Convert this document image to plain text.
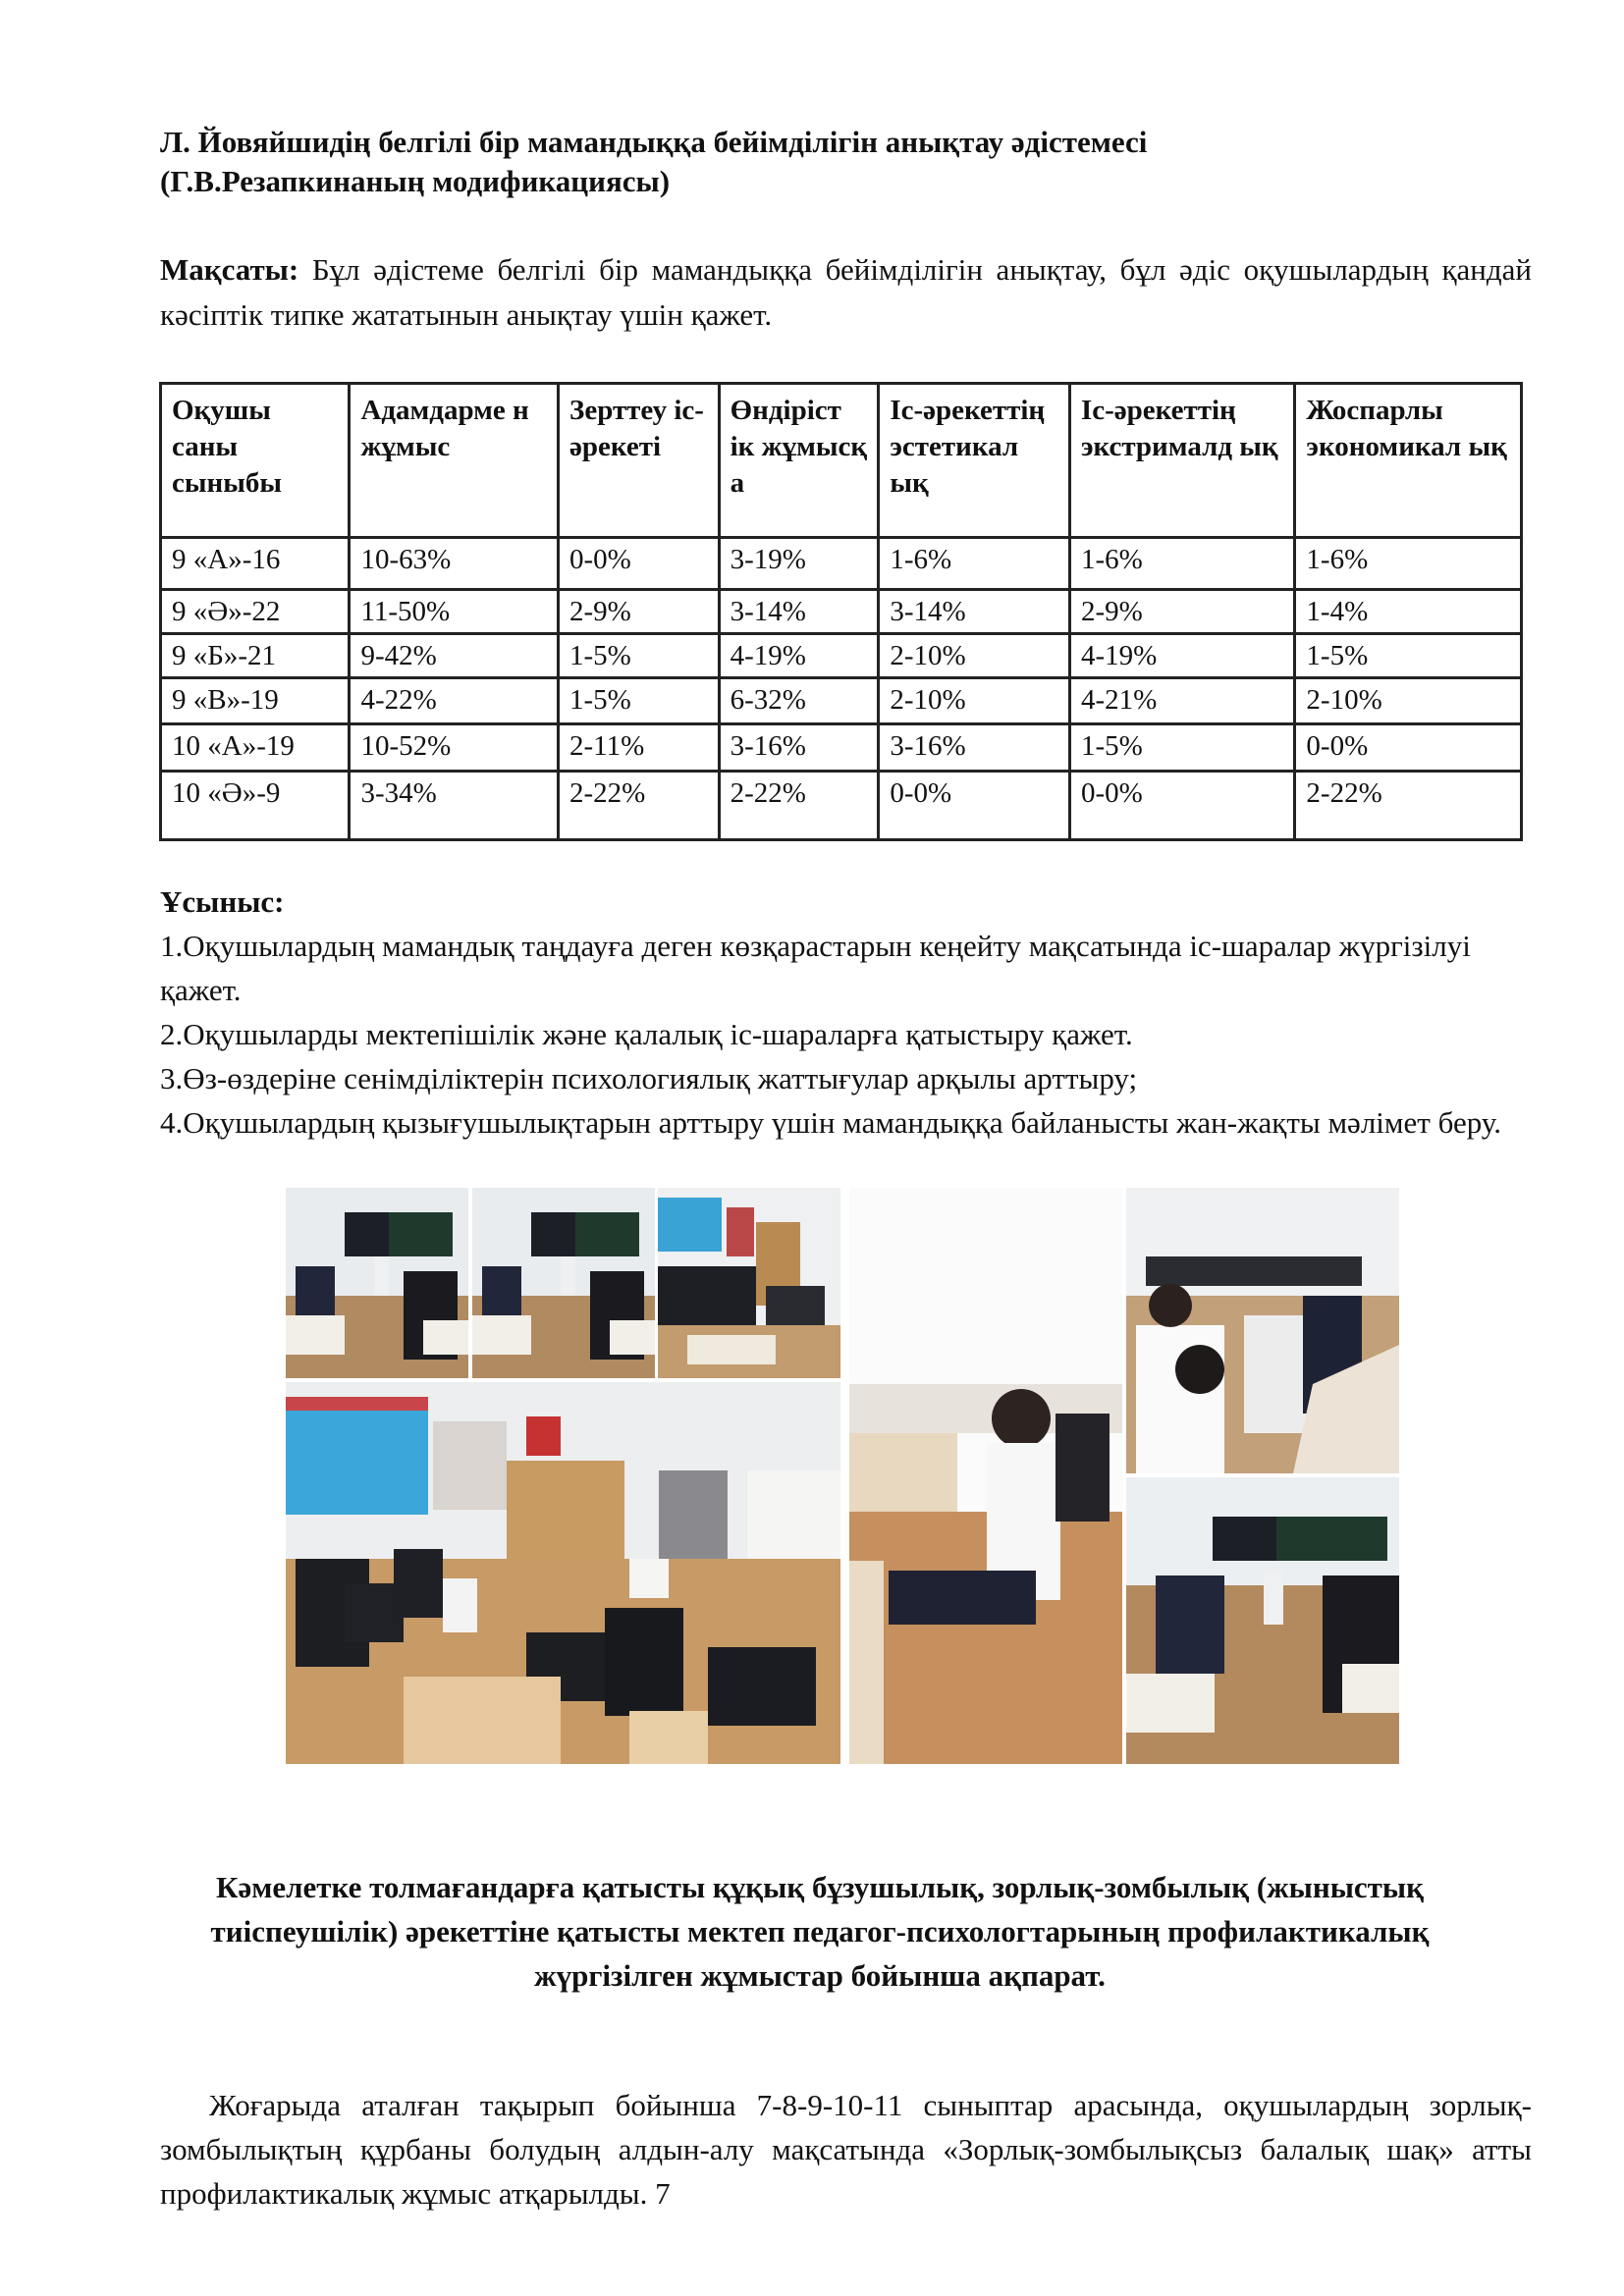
Л. Йовяйшидің белгілі бір мамандыққа бейімділігін анықтау әдістемесі
(Г.В.Резапкинаның модификациясы)
Мақсаты: Бұл әдістеме белгілі бір мамандыққа бейімділігін анықтау, бұл әдіс оқушылардың қандай кәсіптік типке жататынын анықтау үшін қажет.
Оқушы саны сыныбы	Адамдарме н жұмыс	Зерттеу іс-әрекеті	Өндіріст ік жұмысқ а	Іс-әрекеттің эстетикал ық	Іс-әрекеттің экстрималд ық	Жоспарлы экономикал ық
9 «А»-16	10-63%	0-0%	3-19%	1-6%	1-6%	1-6%
9 «Ә»-22	11-50%	2-9%	3-14%	3-14%	2-9%	1-4%
9 «Б»-21	9-42%	1-5%	4-19%	2-10%	4-19%	1-5%
9 «В»-19	4-22%	1-5%	6-32%	2-10%	4-21%	2-10%
10 «А»-19	10-52%	2-11%	3-16%	3-16%	1-5%	0-0%
10 «Ә»-9	3-34%	2-22%	2-22%	0-0%	0-0%	2-22%
Ұсыныс:
1.Оқушылардың мамандық таңдауға деген көзқарастарын кеңейту мақсатында іс-шаралар жүргізілуі қажет.
2.Оқушыларды мектепішілік және қалалық іс-шараларға қатыстыру қажет.
3.Өз-өздеріне сенімділіктерін психологиялық жаттығулар арқылы арттыру;
4.Оқушылардың қызығушылықтарын арттыру үшін мамандыққа байланысты жан-жақты мәлімет беру.
Кәмелетке толмағандарға қатысты құқық бұзушылық, зорлық-зомбылық (жыныстық тиіспеушілік) әрекеттіне қатысты мектеп педагог-психологтарының профилактикалық жүргізілген жұмыстар бойынша ақпарат.
Жоғарыда аталған тақырып бойынша 7-8-9-10-11 сыныптар арасында, оқушылардың зорлық-зомбылықтың құрбаны болудың алдын-алу мақсатында «Зорлық-зомбылықсыз балалық шақ» атты профилактикалық жұмыс атқарылды. 7
